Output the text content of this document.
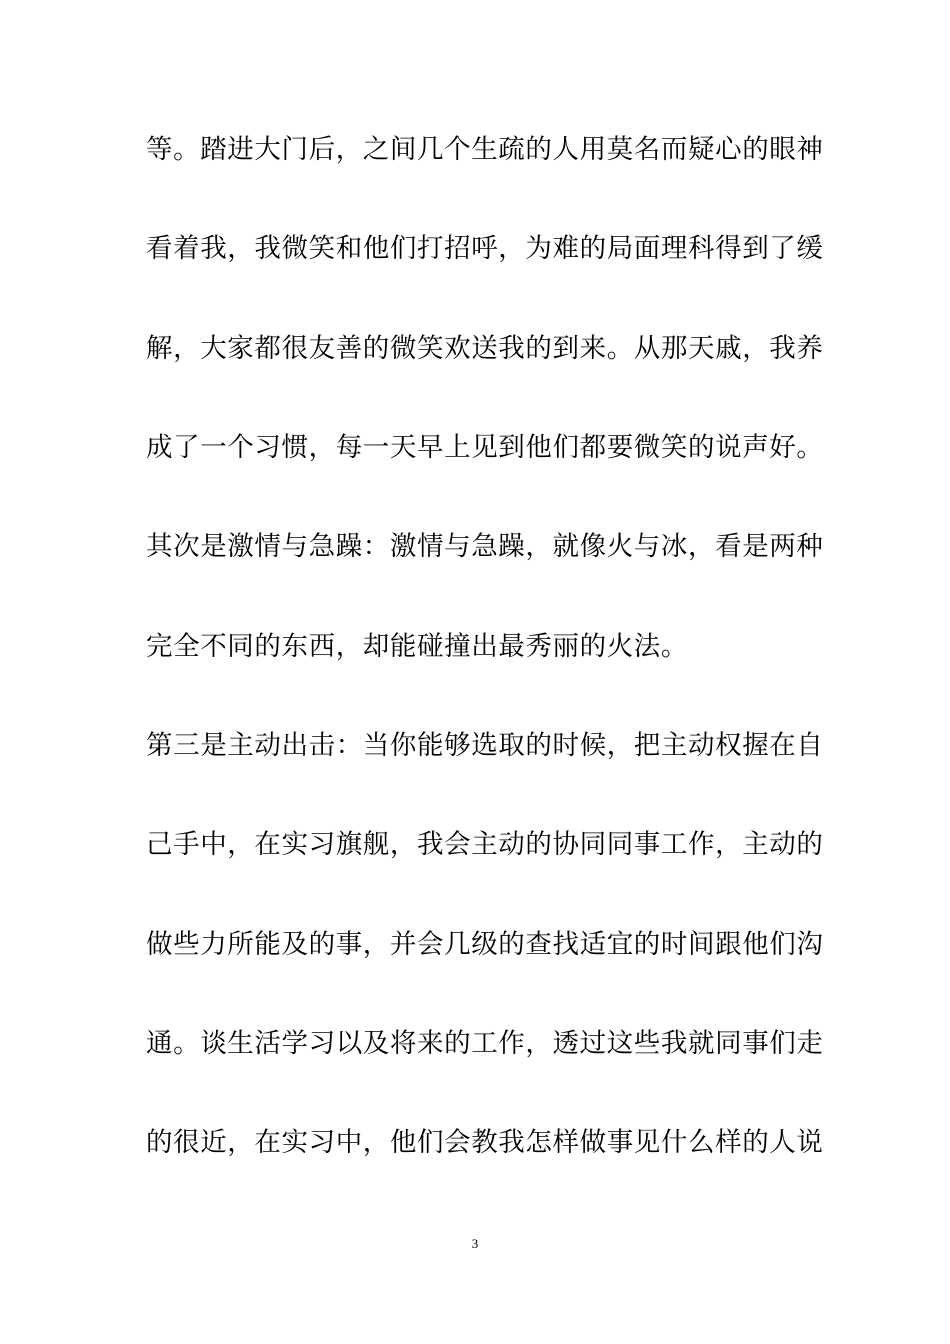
等。踏进大门后，之间几个生疏的人用莫名而疑心的眼神
看着我，我微笑和他们打招呼，为难的局面理科得到了缓
解，大家都很友善的微笑欢送我的到来。从那天戚，我养
成了一个习惯，每一天早上见到他们都要微笑的说声好。
其次是激情与急躁：激情与急躁，就像火与冰，看是两种
完全不同的东西，却能碰撞出最秀丽的火法。
第三是主动出击：当你能够选取的时候，把主动权握在自
己手中，在实习旗舰，我会主动的协同同事工作，主动的
做些力所能及的事，并会几级的查找适宜的时间跟他们沟
通。谈生活学习以及将来的工作，透过这些我就同事们走
的很近，在实习中，他们会教我怎样做事见什么样的人说
3
